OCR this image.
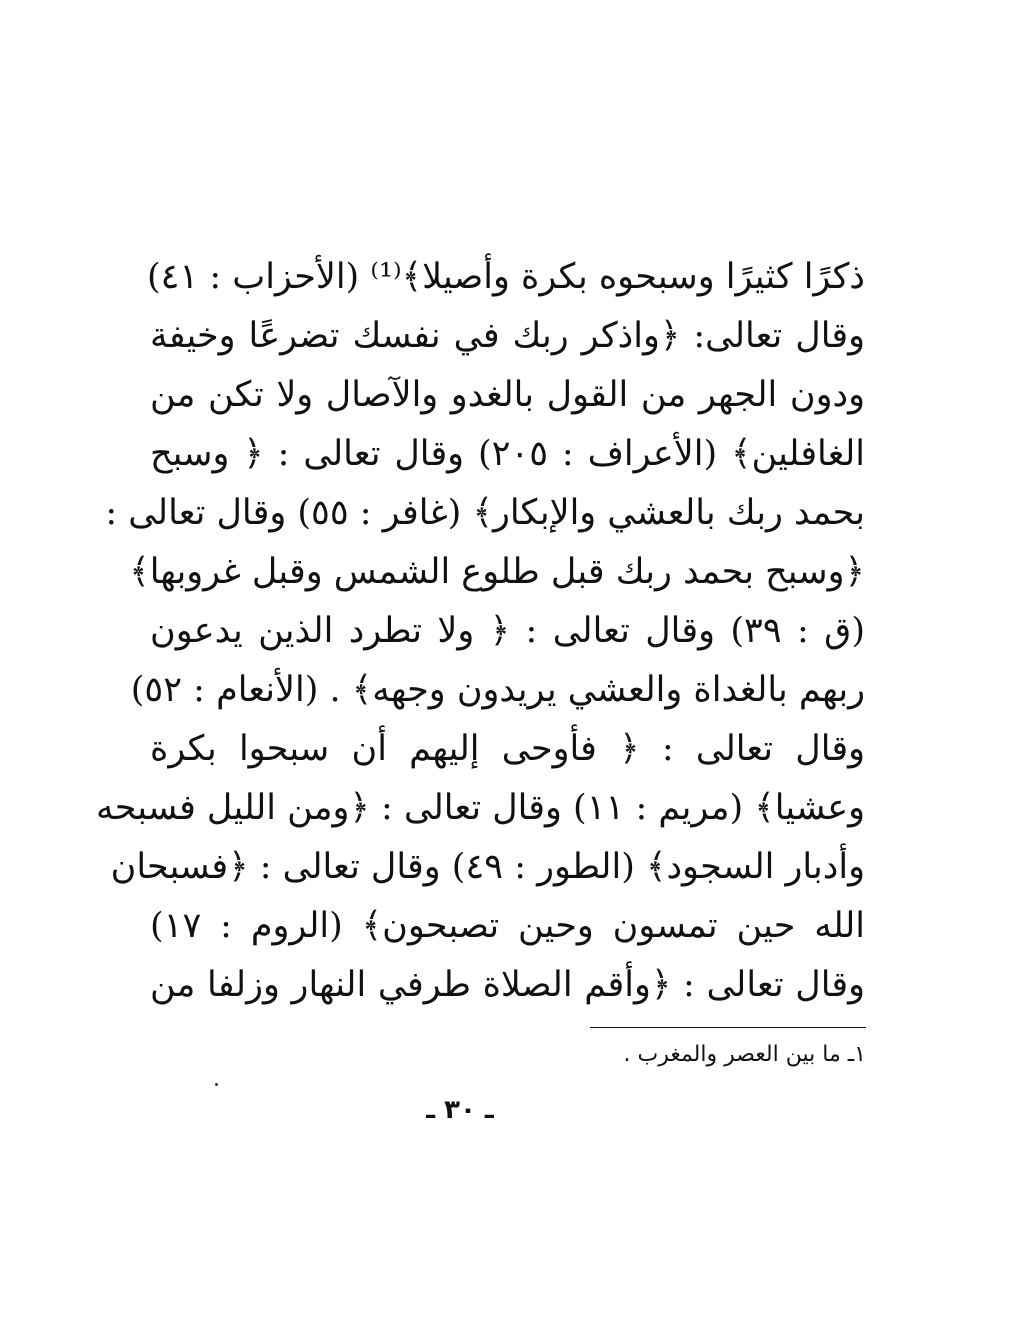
ذكرًا كثيرًا وسبحوه بكرة وأصيلا﴾⁽¹⁾ (الأحزاب : ٤١)
وقال تعالى: ﴿واذكر ربك في نفسك تضرعًا وخيفة
ودون الجهر من القول بالغدو والآصال ولا تكن من
الغافلين﴾ (الأعراف : ٢٠٥) وقال تعالى : ﴿ وسبح
بحمد ربك بالعشي والإبكار﴾ (غافر : ٥٥) وقال تعالى :
﴿وسبح بحمد ربك قبل طلوع الشمس وقبل غروبها﴾
(ق : ٣٩) وقال تعالى : ﴿ ولا تطرد الذين يدعون
ربهم بالغداة والعشي يريدون وجهه﴾ . (الأنعام : ٥٢)
وقال تعالى : ﴿ فأوحى إليهم أن سبحوا بكرة
وعشيا﴾ (مريم : ١١) وقال تعالى : ﴿ومن الليل فسبحه
وأدبار السجود﴾ (الطور : ٤٩) وقال تعالى : ﴿فسبحان
الله حين تمسون وحين تصبحون﴾ (الروم : ١٧)
وقال تعالى : ﴿وأقم الصلاة طرفي النهار وزلفا من
١ـ ما بين العصر والمغرب .
ـ ٣٠ ـ
